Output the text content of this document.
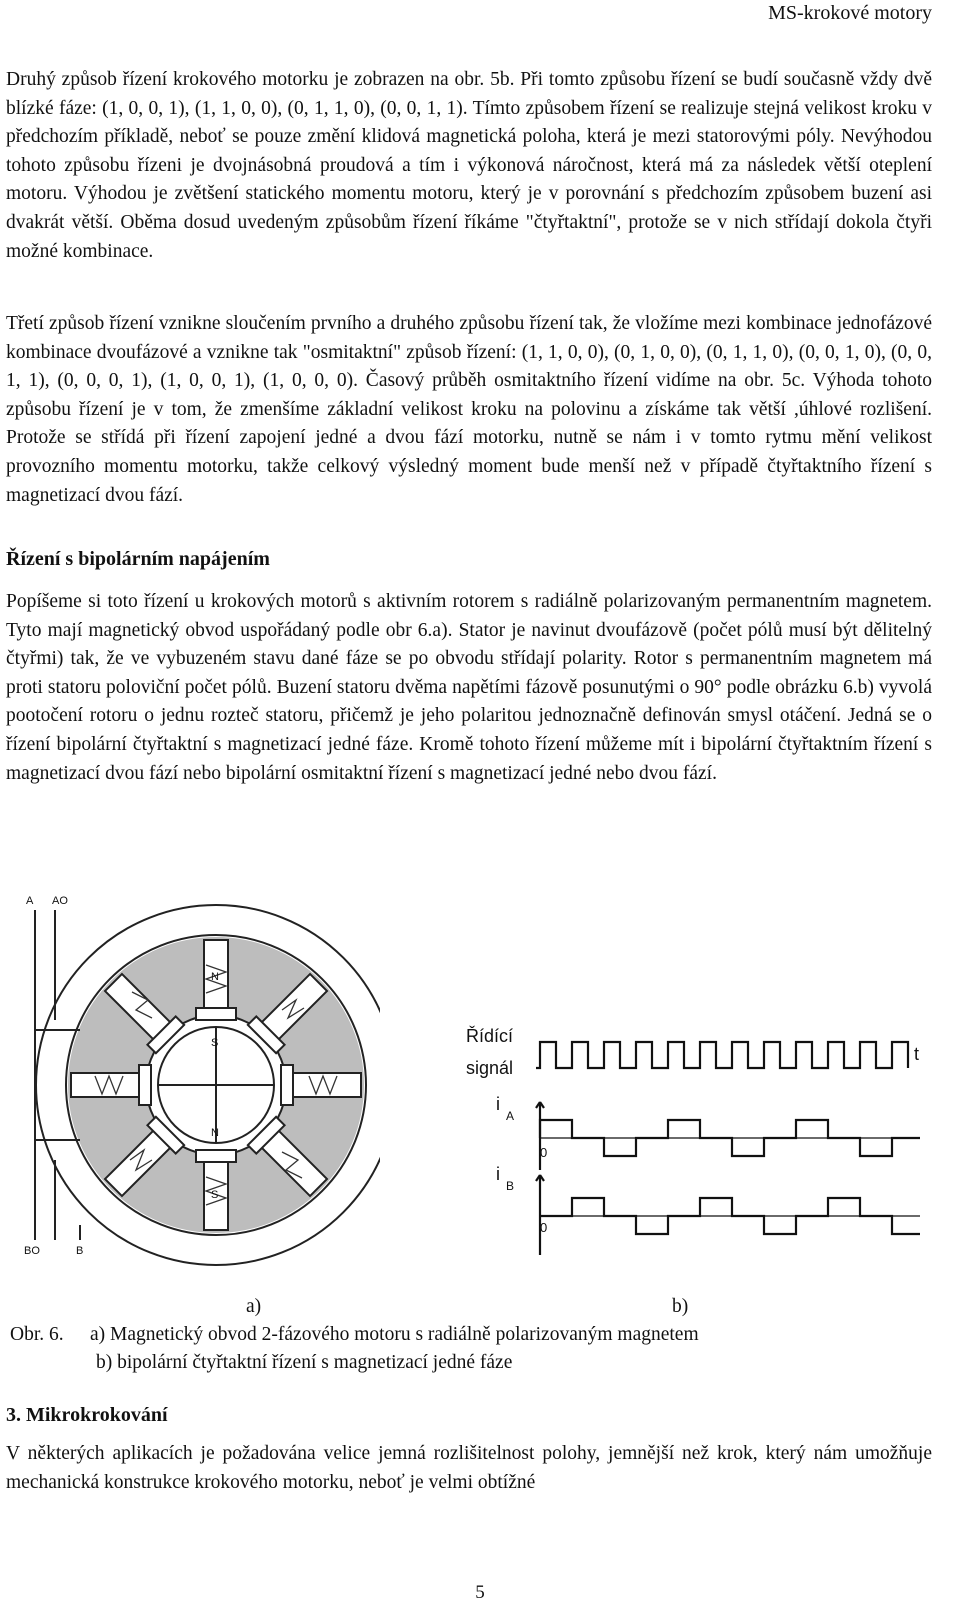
MS-krokové motory

Druhý způsob řízení krokového motorku je zobrazen na obr. 5b. Při tomto způsobu řízení se budí současně vždy dvě blízké fáze: (1, 0, 0, 1), (1, 1, 0, 0), (0, 1, 1, 0), (0, 0, 1, 1). Tímto způsobem řízení se realizuje stejná velikost kroku v předchozím příkladě, neboť se pouze změní klidová magnetická poloha, která je mezi statorovými póly. Nevýhodou tohoto způsobu řízeni je dvojnásobná proudová a tím i výkonová náročnost, která má za následek větší oteplení motoru. Výhodou je zvětšení statického momentu motoru, který je v porovnání s předchozím způsobem buzení asi dvakrát větší. Oběma dosud uvedeným způsobům řízení říkáme "čtyřtaktní", protože se v nich střídají dokola čtyři možné kombinace.

Třetí způsob řízení vznikne sloučením prvního a druhého způsobu řízení tak, že vložíme mezi kombinace jednofázové kombinace dvoufázové a vznikne tak "osmitaktní" způsob řízení: (1, 1, 0, 0), (0, 1, 0, 0), (0, 1, 1, 0), (0, 0, 1, 0), (0, 0, 1, 1), (0, 0, 0, 1), (1, 0, 0, 1), (1, 0, 0, 0). Časový průběh osmitaktního řízení vidíme na obr. 5c. Výhoda tohoto způsobu řízení je v tom, že zmenšíme základní velikost kroku na polovinu a získáme tak větší ,úhlové rozlišení. Protože se střídá při řízení zapojení jedné a dvou fází motorku, nutně se nám i v tomto rytmu mění velikost provozního momentu motorku, takže celkový výsledný moment bude menší než v případě čtyřtaktního řízení s magnetizací dvou fází.

Řízení s bipolárním napájením

Popíšeme si toto řízení u krokových motorů s aktivním rotorem s radiálně polarizovaným permanentním magnetem. Tyto mají magnetický obvod uspořádaný podle obr 6.a). Stator je navinut dvoufázově (počet pólů musí být dělitelný čtyřmi) tak, že ve vybuzeném stavu dané fáze se po obvodu střídají polarity. Rotor s permanentním magnetem má proti statoru poloviční počet pólů. Buzení statoru dvěma napětími fázově posunutými o 90° podle obrázku 6.b) vyvolá pootočení rotoru o jednu rozteč statoru, přičemž je jeho polaritou jednoznačně definován smysl otáčení. Jedná se o řízení bipolární čtyřtaktní s magnetizací jedné fáze. Kromě tohoto řízení můžeme mít i bipolární čtyřtaktním řízení s magnetizací dvou fází nebo bipolární osmitaktní řízení s magnetizací jedné nebo dvou fází.

A AO
BO	B
N
S
N
S
Řídící
signál
t
i
A
0
i
B
0
a)	b)
Obr. 6. a) Magnetický obvod 2-fázového motoru s radiálně polarizovaným magnetem
b) bipolární čtyřtaktní řízení s magnetizací jedné fáze
3. Mikrokrokování

V některých aplikacích je požadována velice jemná rozlišitelnost polohy, jemnější než krok, který nám umožňuje mechanická konstrukce krokového motorku, neboť je velmi obtížné

5
